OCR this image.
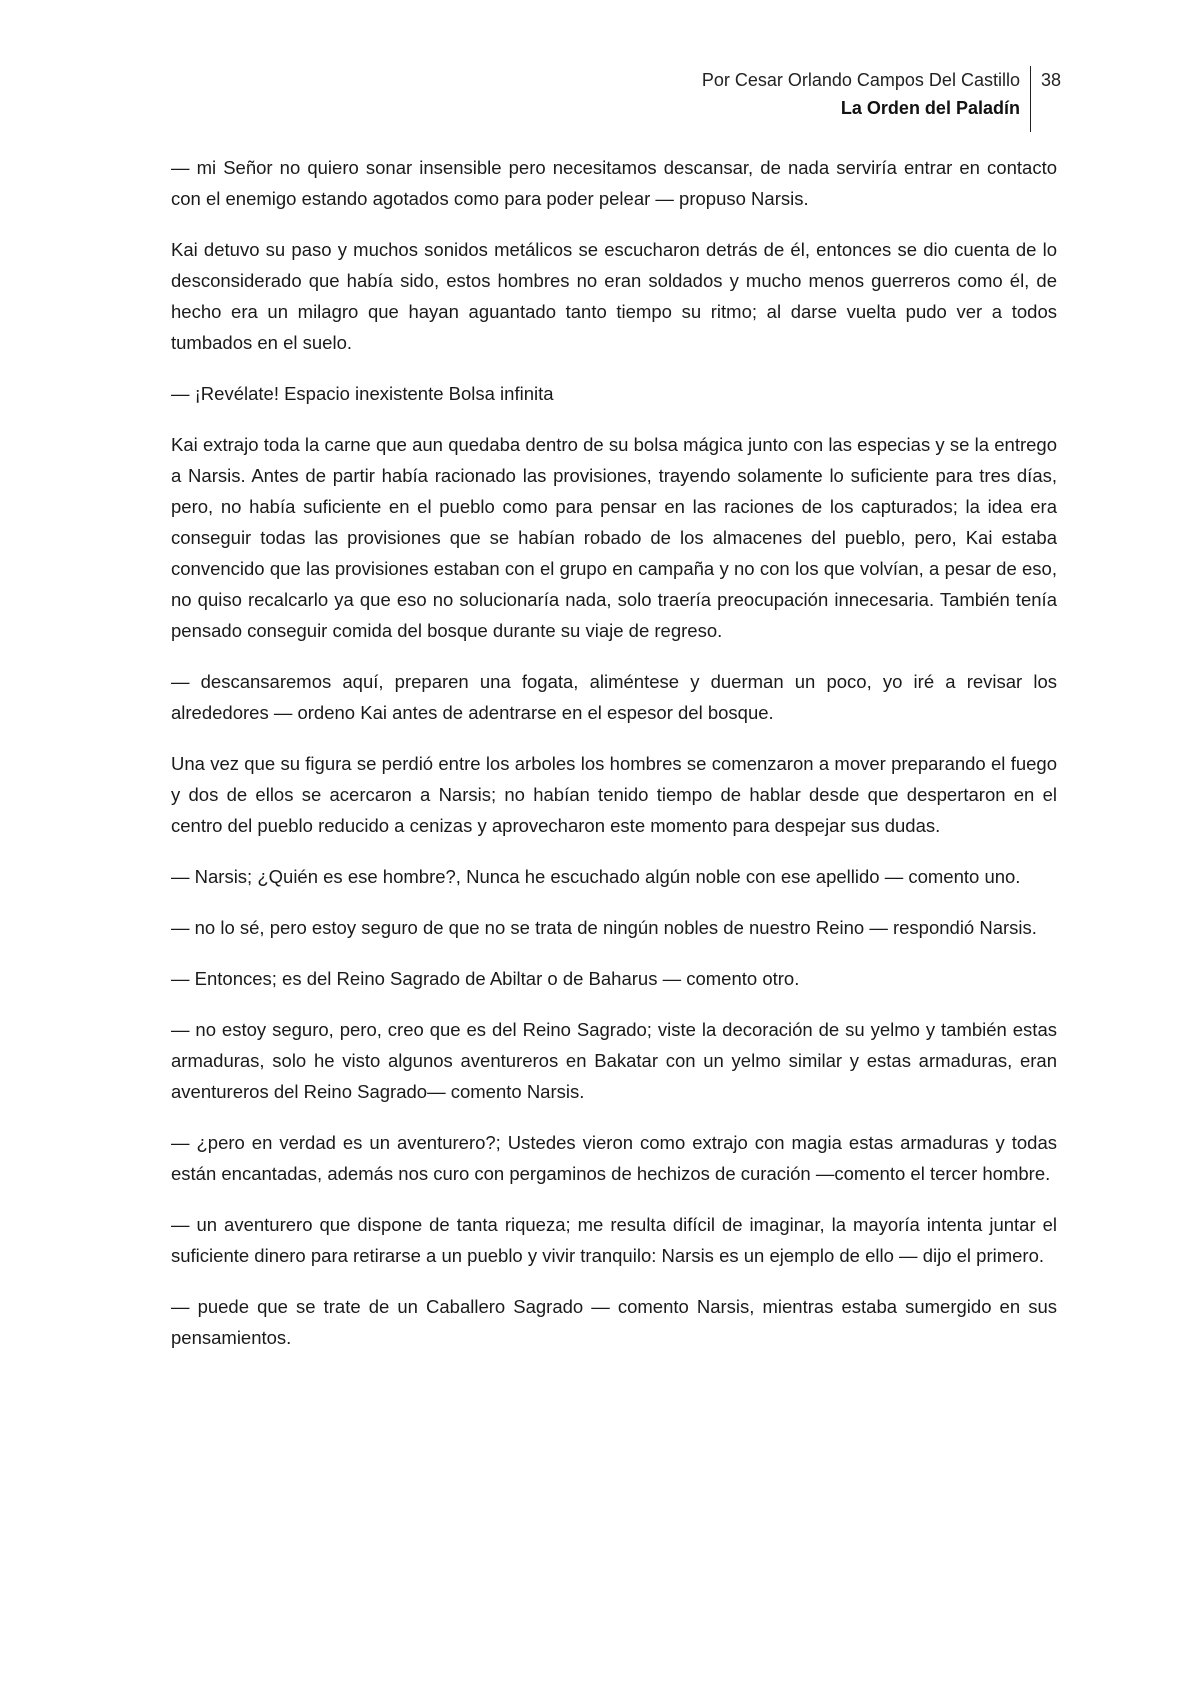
Por Cesar Orlando Campos Del Castillo
La Orden del Paladín
38

— mi Señor no quiero sonar insensible pero necesitamos descansar, de nada serviría entrar en contacto con el enemigo estando agotados como para poder pelear — propuso Narsis.

Kai detuvo su paso y muchos sonidos metálicos se escucharon detrás de él, entonces se dio cuenta de lo desconsiderado que había sido, estos hombres no eran soldados y mucho menos guerreros como él, de hecho era un milagro que hayan aguantado tanto tiempo su ritmo; al darse vuelta pudo ver a todos tumbados en el suelo.

— ¡Revélate! Espacio inexistente Bolsa infinita

Kai extrajo toda la carne que aun quedaba dentro de su bolsa mágica junto con las especias y se la entrego a Narsis. Antes de partir había racionado las provisiones, trayendo solamente lo suficiente para tres días, pero, no había suficiente en el pueblo como para pensar en las raciones de los capturados; la idea era conseguir todas las provisiones que se habían robado de los almacenes del pueblo, pero, Kai estaba convencido que las provisiones estaban con el grupo en campaña y no con los que volvían, a pesar de eso, no quiso recalcarlo ya que eso no solucionaría nada, solo traería preocupación innecesaria. También tenía pensado conseguir comida del bosque durante su viaje de regreso.

— descansaremos aquí, preparen una fogata, aliméntese y duerman un poco, yo iré a revisar los alrededores — ordeno Kai antes de adentrarse en el espesor del bosque.

Una vez que su figura se perdió entre los arboles los hombres se comenzaron a mover preparando el fuego y dos de ellos se acercaron a Narsis; no habían tenido tiempo de hablar desde que despertaron en el centro del pueblo reducido a cenizas y aprovecharon este momento para despejar sus dudas.

— Narsis; ¿Quién es ese hombre?, Nunca he escuchado algún noble con ese apellido — comento uno.

— no lo sé, pero estoy seguro de que no se trata de ningún nobles de nuestro Reino — respondió Narsis.

— Entonces; es del Reino Sagrado de Abiltar o de Baharus — comento otro.

— no estoy seguro, pero, creo que es del Reino Sagrado; viste la decoración de su yelmo y también estas armaduras, solo he visto algunos aventureros en Bakatar con un yelmo similar y estas armaduras, eran aventureros del Reino Sagrado— comento Narsis.

— ¿pero en verdad es un aventurero?; Ustedes vieron como extrajo con magia estas armaduras y todas están encantadas, además nos curo con pergaminos de hechizos de curación —comento el tercer hombre.

— un aventurero que dispone de tanta riqueza; me resulta difícil de imaginar, la mayoría intenta juntar el suficiente dinero para retirarse a un pueblo y vivir tranquilo: Narsis es un ejemplo de ello — dijo el primero.

— puede que se trate de un Caballero Sagrado — comento Narsis, mientras estaba sumergido en sus pensamientos.
